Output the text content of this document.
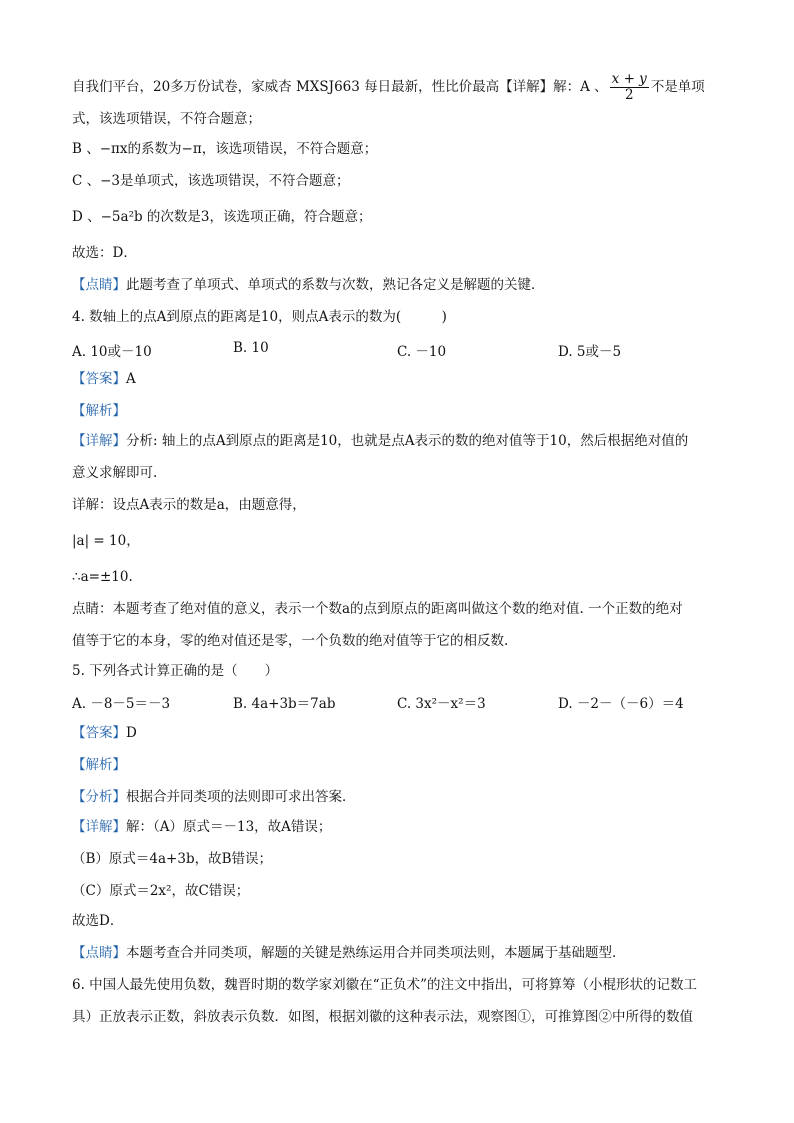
自我们平台，20多万份试卷，家威杏 MXSJ663 每日最新，性比价最高【详解】解：A 、 $\frac{x + y}{2}$ 不是单项
式，该选项错误，不符合题意；
B 、−πx的系数为−π，该选项错误，不符合题意；
C 、−3是单项式，该选项错误，不符合题意；
D 、−5a²b 的次数是3，该选项正确，符合题意；
故选：D．
【点睛】此题考查了单项式、单项式的系数与次数，熟记各定义是解题的关键．
4. 数轴上的点A到原点的距离是10，则点A表示的数为(　　　)
A. 10或－10	B. 10	C. －10	D. 5或－5
【答案】A
【解析】
【详解】分析: 轴上的点A到原点的距离是10，也就是点A表示的数的绝对值等于10，然后根据绝对值的
意义求解即可.
详解：设点A表示的数是a，由题意得，
|a| = 10，
∴a=±10.
点睛：本题考查了绝对值的意义，表示一个数a的点到原点的距离叫做这个数的绝对值. 一个正数的绝对
值等于它的本身，零的绝对值还是零，一个负数的绝对值等于它的相反数.
5. 下列各式计算正确的是（　　）
A. －8－5＝－3	B. 4a+3b＝7ab	C. 3x²－x²＝3	D. －2－（－6）＝4
【答案】D
【解析】
【分析】根据合并同类项的法则即可求出答案．
【详解】解：（A）原式＝－13，故A错误；
（B）原式＝4a+3b，故B错误；
（C）原式＝2x²，故C错误；
故选D．
【点睛】本题考查合并同类项，解题的关键是熟练运用合并同类项法则，本题属于基础题型．
6. 中国人最先使用负数，魏晋时期的数学家刘徽在“正负术”的注文中指出，可将算筹（小棍形状的记数工
具）正放表示正数，斜放表示负数．如图，根据刘徽的这种表示法，观察图①，可推算图②中所得的数值
